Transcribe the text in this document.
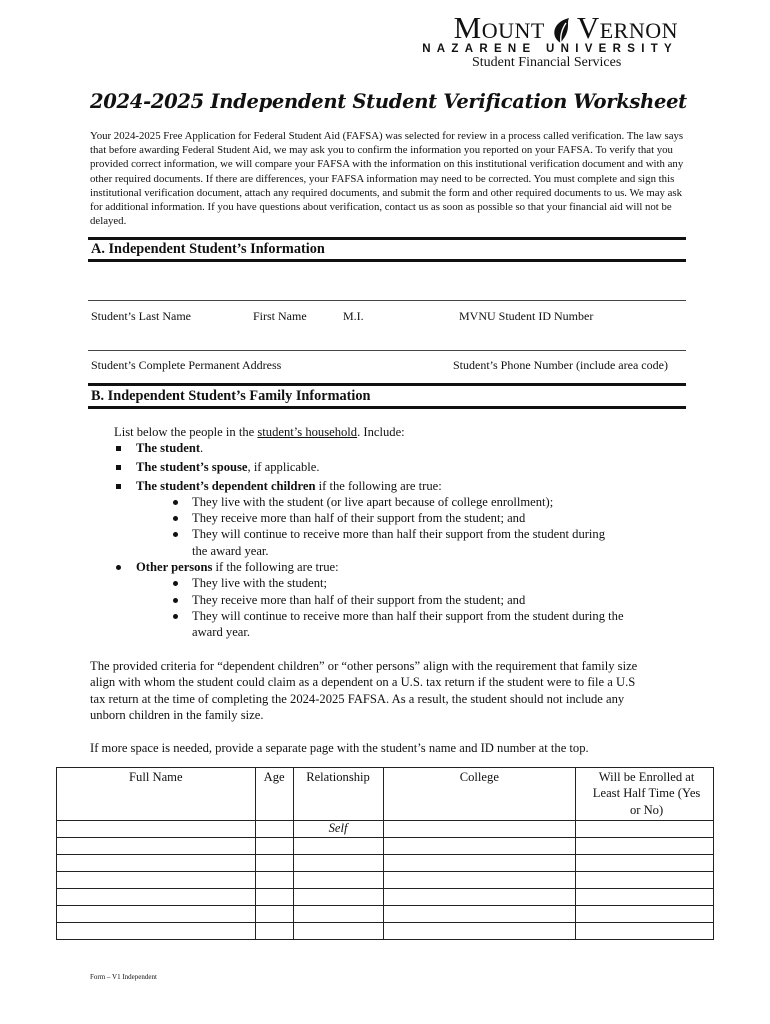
Mount Vernon
NAZARENE UNIVERSITY
Student Financial Services
2024-2025 Independent Student Verification Worksheet

Your 2024-2025 Free Application for Federal Student Aid (FAFSA) was selected for review in a process called verification. The law says that before awarding Federal Student Aid, we may ask you to confirm the information you reported on your FAFSA. To verify that you provided correct information, we will compare your FAFSA with the information on this institutional verification document and with any other required documents. If there are differences, your FAFSA information may need to be corrected. You must complete and sign this institutional verification document, attach any required documents, and submit the form and other required documents to us. We may ask for additional information. If you have questions about verification, contact us as soon as possible so that your financial aid will not be delayed.

A. Independent Student’s Information
Student’s Last Name	First Name	M.I.	MVNU Student ID Number
Student’s Complete Permanent Address	Student’s Phone Number (include area code)
B. Independent Student’s Family Information
List below the people in the student’s household. Include:
The student.
The student’s spouse, if applicable.
The student’s dependent children if the following are true:
They live with the student (or live apart because of college enrollment);
They receive more than half of their support from the student; and
They will continue to receive more than half their support from the student during
the award year.
Other persons if the following are true:
They live with the student;
They receive more than half of their support from the student; and
They will continue to receive more than half their support from the student during the
award year.
The provided criteria for “dependent children” or “other persons” align with the requirement that family size align with whom the student could claim as a dependent on a U.S. tax return if the student were to file a U.S tax return at the time of completing the 2024-2025 FAFSA. As a result, the student should not include any unborn children in the family size.
If more space is needed, provide a separate page with the student’s name and ID number at the top.
Full Name	Age	Relationship	College	Will be Enrolled at Least Half Time (Yes or No)
		Self		

Form – V1 Independent
